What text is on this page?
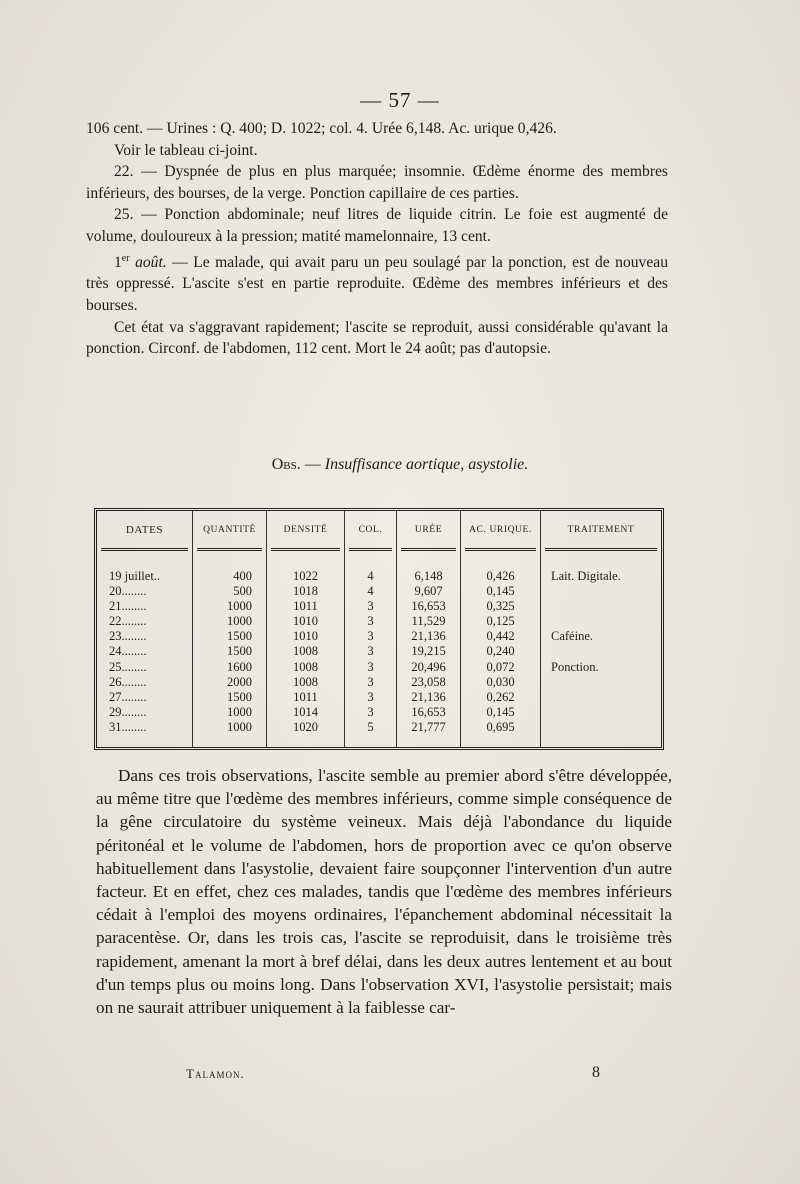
— 57 —

106 cent. — Urines : Q. 400; D. 1022; col. 4. Urée 6,148. Ac. urique 0,426.

Voir le tableau ci-joint.

22. — Dyspnée de plus en plus marquée; insomnie. Œdème énorme des membres inférieurs, des bourses, de la verge. Ponction capillaire de ces parties.

25. — Ponction abdominale; neuf litres de liquide citrin. Le foie est augmenté de volume, douloureux à la pression; matité mamelonnaire, 13 cent.

1er août. — Le malade, qui avait paru un peu soulagé par la ponction, est de nouveau très oppressé. L'ascite s'est en partie reproduite. Œdème des membres inférieurs et des bourses.

Cet état va s'aggravant rapidement; l'ascite se reproduit, aussi considérable qu'avant la ponction. Circonf. de l'abdomen, 112 cent. Mort le 24 août; pas d'autopsie.

Obs. — Insuffisance aortique, asystolie.
DATES
19 juillet..
20........
21........
22........
23........
24........
25........
26........
27........
29........
31........
QUANTITÉ
400
500
1000
1000
1500
1500
1600
2000
1500
1000
1000
DENSITÉ
1022
1018
1011
1010
1010
1008
1008
1008
1011
1014
1020
COL.
4
4
3
3
3
3
3
3
3
3
5
URÉE
6,148
9,607
16,653
11,529
21,136
19,215
20,496
23,058
21,136
16,653
21,777
AC. URIQUE.
0,426
0,145
0,325
0,125
0,442
0,240
0,072
0,030
0,262
0,145
0,695
TRAITEMENT
Lait. Digitale.
Caféine.
Ponction.

Dans ces trois observations, l'ascite semble au premier abord s'être développée, au même titre que l'œdème des membres inférieurs, comme simple conséquence de la gêne circulatoire du système veineux. Mais déjà l'abondance du liquide péritonéal et le volume de l'abdomen, hors de proportion avec ce qu'on observe habituellement dans l'asystolie, devaient faire soupçonner l'intervention d'un autre facteur. Et en effet, chez ces malades, tandis que l'œdème des membres inférieurs cédait à l'emploi des moyens ordinaires, l'épanchement abdominal nécessitait la paracentèse. Or, dans les trois cas, l'ascite se reproduisit, dans le troisième très rapidement, amenant la mort à bref délai, dans les deux autres lentement et au bout d'un temps plus ou moins long. Dans l'observation XVI, l'asystolie persistait; mais on ne saurait attribuer uniquement à la faiblesse car-

Talamon.	8
